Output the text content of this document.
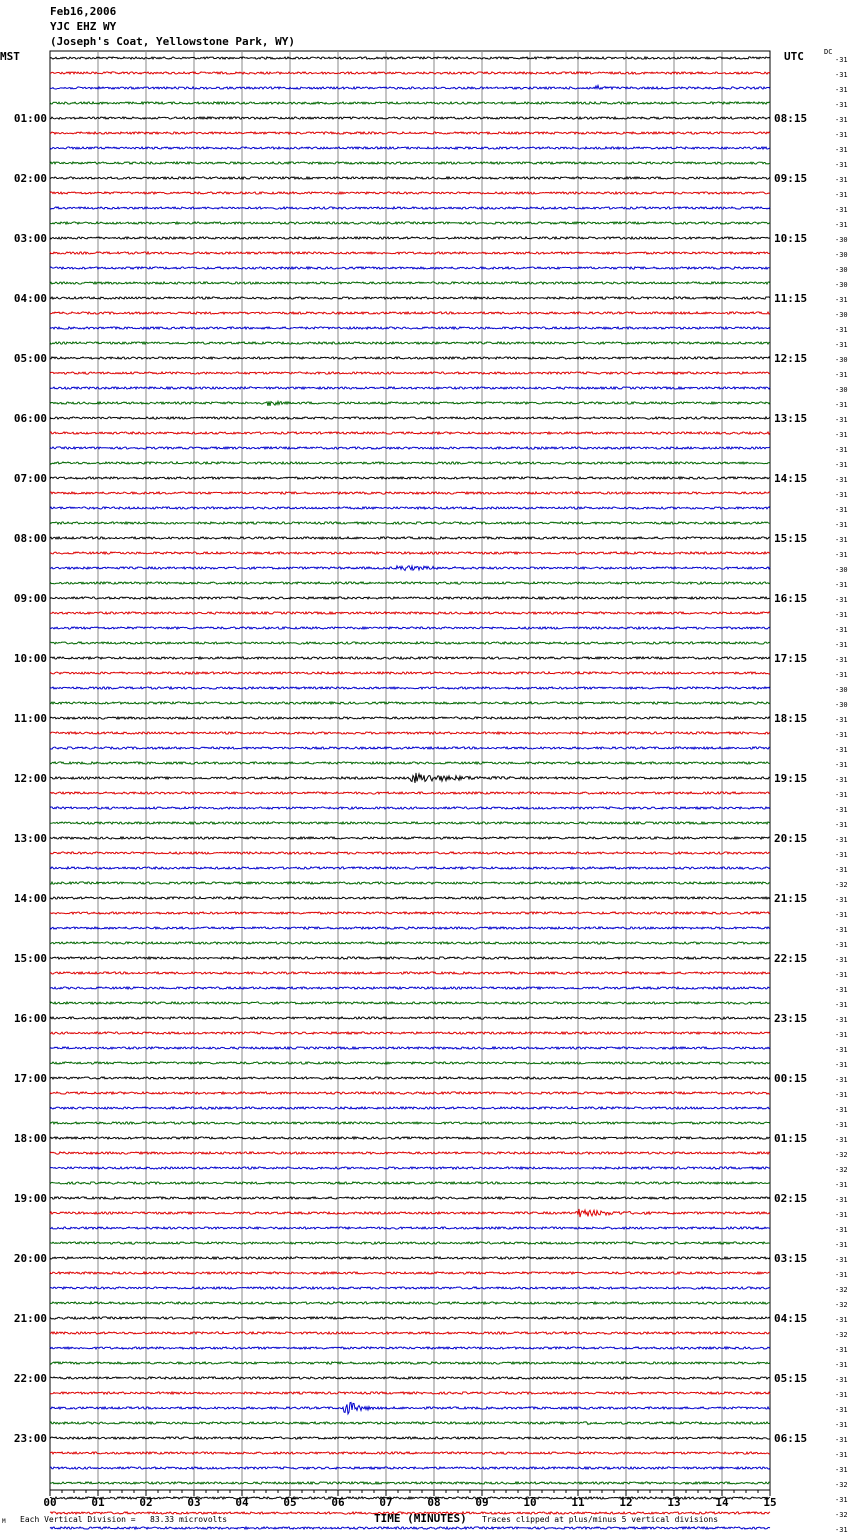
Feb16,2006
YJC EHZ WY
(Joseph's Coat, Yellowstone Park, WY)
MST	UTC	DC
00	01	02	03	04	05	06	07	08	09	10	11	12	13	14	15
-31
-31
-31
-31
-31
-31
-31
-31
-31
-31
-31
-31
-30
-30
-30
-30
-31
-30
-31
-31
-30
-31
-30
-31
-31
-31
-31
-31
-31
-31
-31
-31
-31
-31
-30
-31
-31
-31
-31
-31
-31
-31
-30
-30
-31
-31
-31
-31
-31
-31
-31
-31
-31
-31
-31
-32
-31
-31
-31
-31
-31
-31
-31
-31
-31
-31
-31
-31
-31
-31
-31
-31
-31
-32
-32
-31
-31
-31
-31
-31
-31
-31
-32
-32
-31
-32
-31
-31
-31
-31
-31
-31
-31
-31
-31
-32
-31
-32
-31
01:00	08:15
02:00	09:15
03:00	10:15
04:00	11:15
05:00	12:15
06:00	13:15
07:00	14:15
08:00	15:15
09:00	16:15
10:00	17:15
11:00	18:15
12:00	19:15
13:00	20:15
14:00	21:15
15:00	22:15
16:00	23:15
17:00	00:15
18:00	01:15
19:00	02:15
20:00	03:15
21:00	04:15
22:00	05:15
23:00	06:15
M Each Vertical Division =   83.33 microvolts	TIME (MINUTES) Traces clipped at plus/minus 5 vertical divisions
